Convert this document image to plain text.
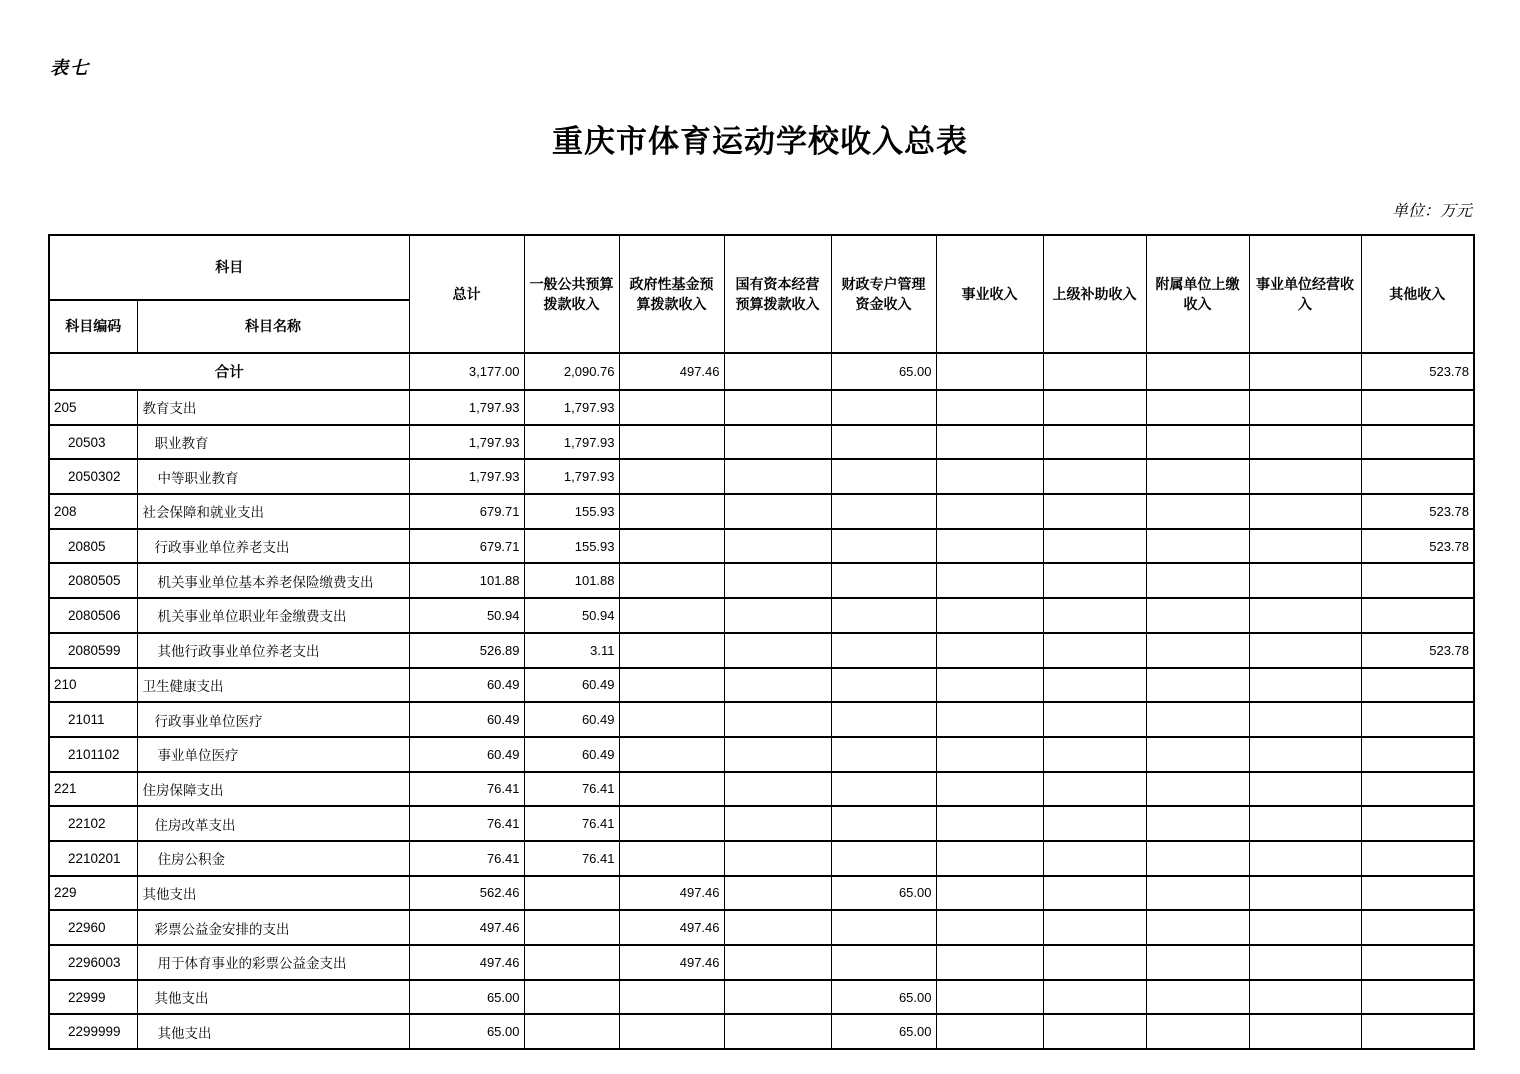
表七
重庆市体育运动学校收入总表
单位：万元
科目		总计	一般公共预算拨款收入	政府性基金预算拨款收入	国有资本经营预算拨款收入	财政专户管理资金收入	事业收入	上级补助收入	附属单位上缴收入	事业单位经营收入	其他收入
科目编码	科目名称										
合计		3,177.00	2,090.76	497.46		65.00					523.78
205	教育支出	1,797.93	1,797.93								
20503	职业教育	1,797.93	1,797.93								
2050302	中等职业教育	1,797.93	1,797.93								
208	社会保障和就业支出	679.71	155.93								523.78
20805	行政事业单位养老支出	679.71	155.93								523.78
2080505	机关事业单位基本养老保险缴费支出	101.88	101.88								
2080506	机关事业单位职业年金缴费支出	50.94	50.94								
2080599	其他行政事业单位养老支出	526.89	3.11								523.78
210	卫生健康支出	60.49	60.49								
21011	行政事业单位医疗	60.49	60.49								
2101102	事业单位医疗	60.49	60.49								
221	住房保障支出	76.41	76.41								
22102	住房改革支出	76.41	76.41								
2210201	住房公积金	76.41	76.41								
229	其他支出	562.46		497.46		65.00					
22960	彩票公益金安排的支出	497.46		497.46							
2296003	用于体育事业的彩票公益金支出	497.46		497.46							
22999	其他支出	65.00				65.00					
2299999	其他支出	65.00				65.00					
